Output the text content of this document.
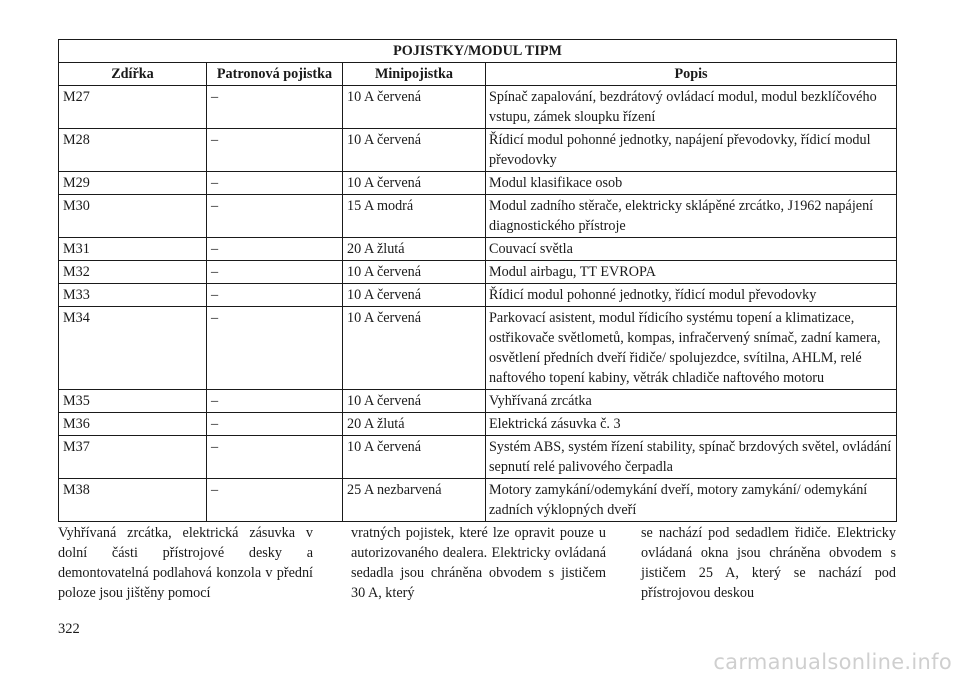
POJISTKY/MODUL TIPM			
Zdířka	Patronová pojistka	Minipojistka	Popis
M27	–	10 A červená	Spínač zapalování, bezdrátový ovládací modul, modul bezklíčového vstupu, zámek sloupku řízení
M28	–	10 A červená	Řídicí modul pohonné jednotky, napájení převodovky, řídicí modul převodovky
M29	–	10 A červená	Modul klasifikace osob
M30	–	15 A modrá	Modul zadního stěrače, elektricky sklápěné zrcátko, J1962 napájení diagnostického přístroje
M31	–	20 A žlutá	Couvací světla
M32	–	10 A červená	Modul airbagu, TT EVROPA
M33	–	10 A červená	Řídicí modul pohonné jednotky, řídicí modul převodovky
M34	–	10 A červená	Parkovací asistent, modul řídicího systému topení a klimatizace, ostřikovače světlometů, kompas, infračervený snímač, zadní kamera, osvětlení předních dveří řidiče/ spolujezdce, svítilna, AHLM, relé naftového topení kabiny, větrák chladiče naftového motoru
M35	–	10 A červená	Vyhřívaná zrcátka
M36	–	20 A žlutá	Elektrická zásuvka č. 3
M37	–	10 A červená	Systém ABS, systém řízení stability, spínač brzdových světel, ovládání sepnutí relé palivového čerpadla
M38	–	25 A nezbarvená	Motory zamykání/odemykání dveří, motory zamykání/ odemykání zadních výklopných dveří
Vyhřívaná zrcátka, elektrická zásuvka v dolní části přístrojové desky a demontovatelná podlahová konzola v přední poloze jsou jištěny pomocí
vratných pojistek, které lze opravit pouze u autorizovaného dealera. Elektricky ovládaná sedadla jsou chráněna obvodem s jističem 30 A, který
se nachází pod sedadlem řidiče. Elektricky ovládaná okna jsou chráněna obvodem s jističem 25 A, který se nachází pod přístrojovou deskou
322
carmanualsonline.info
